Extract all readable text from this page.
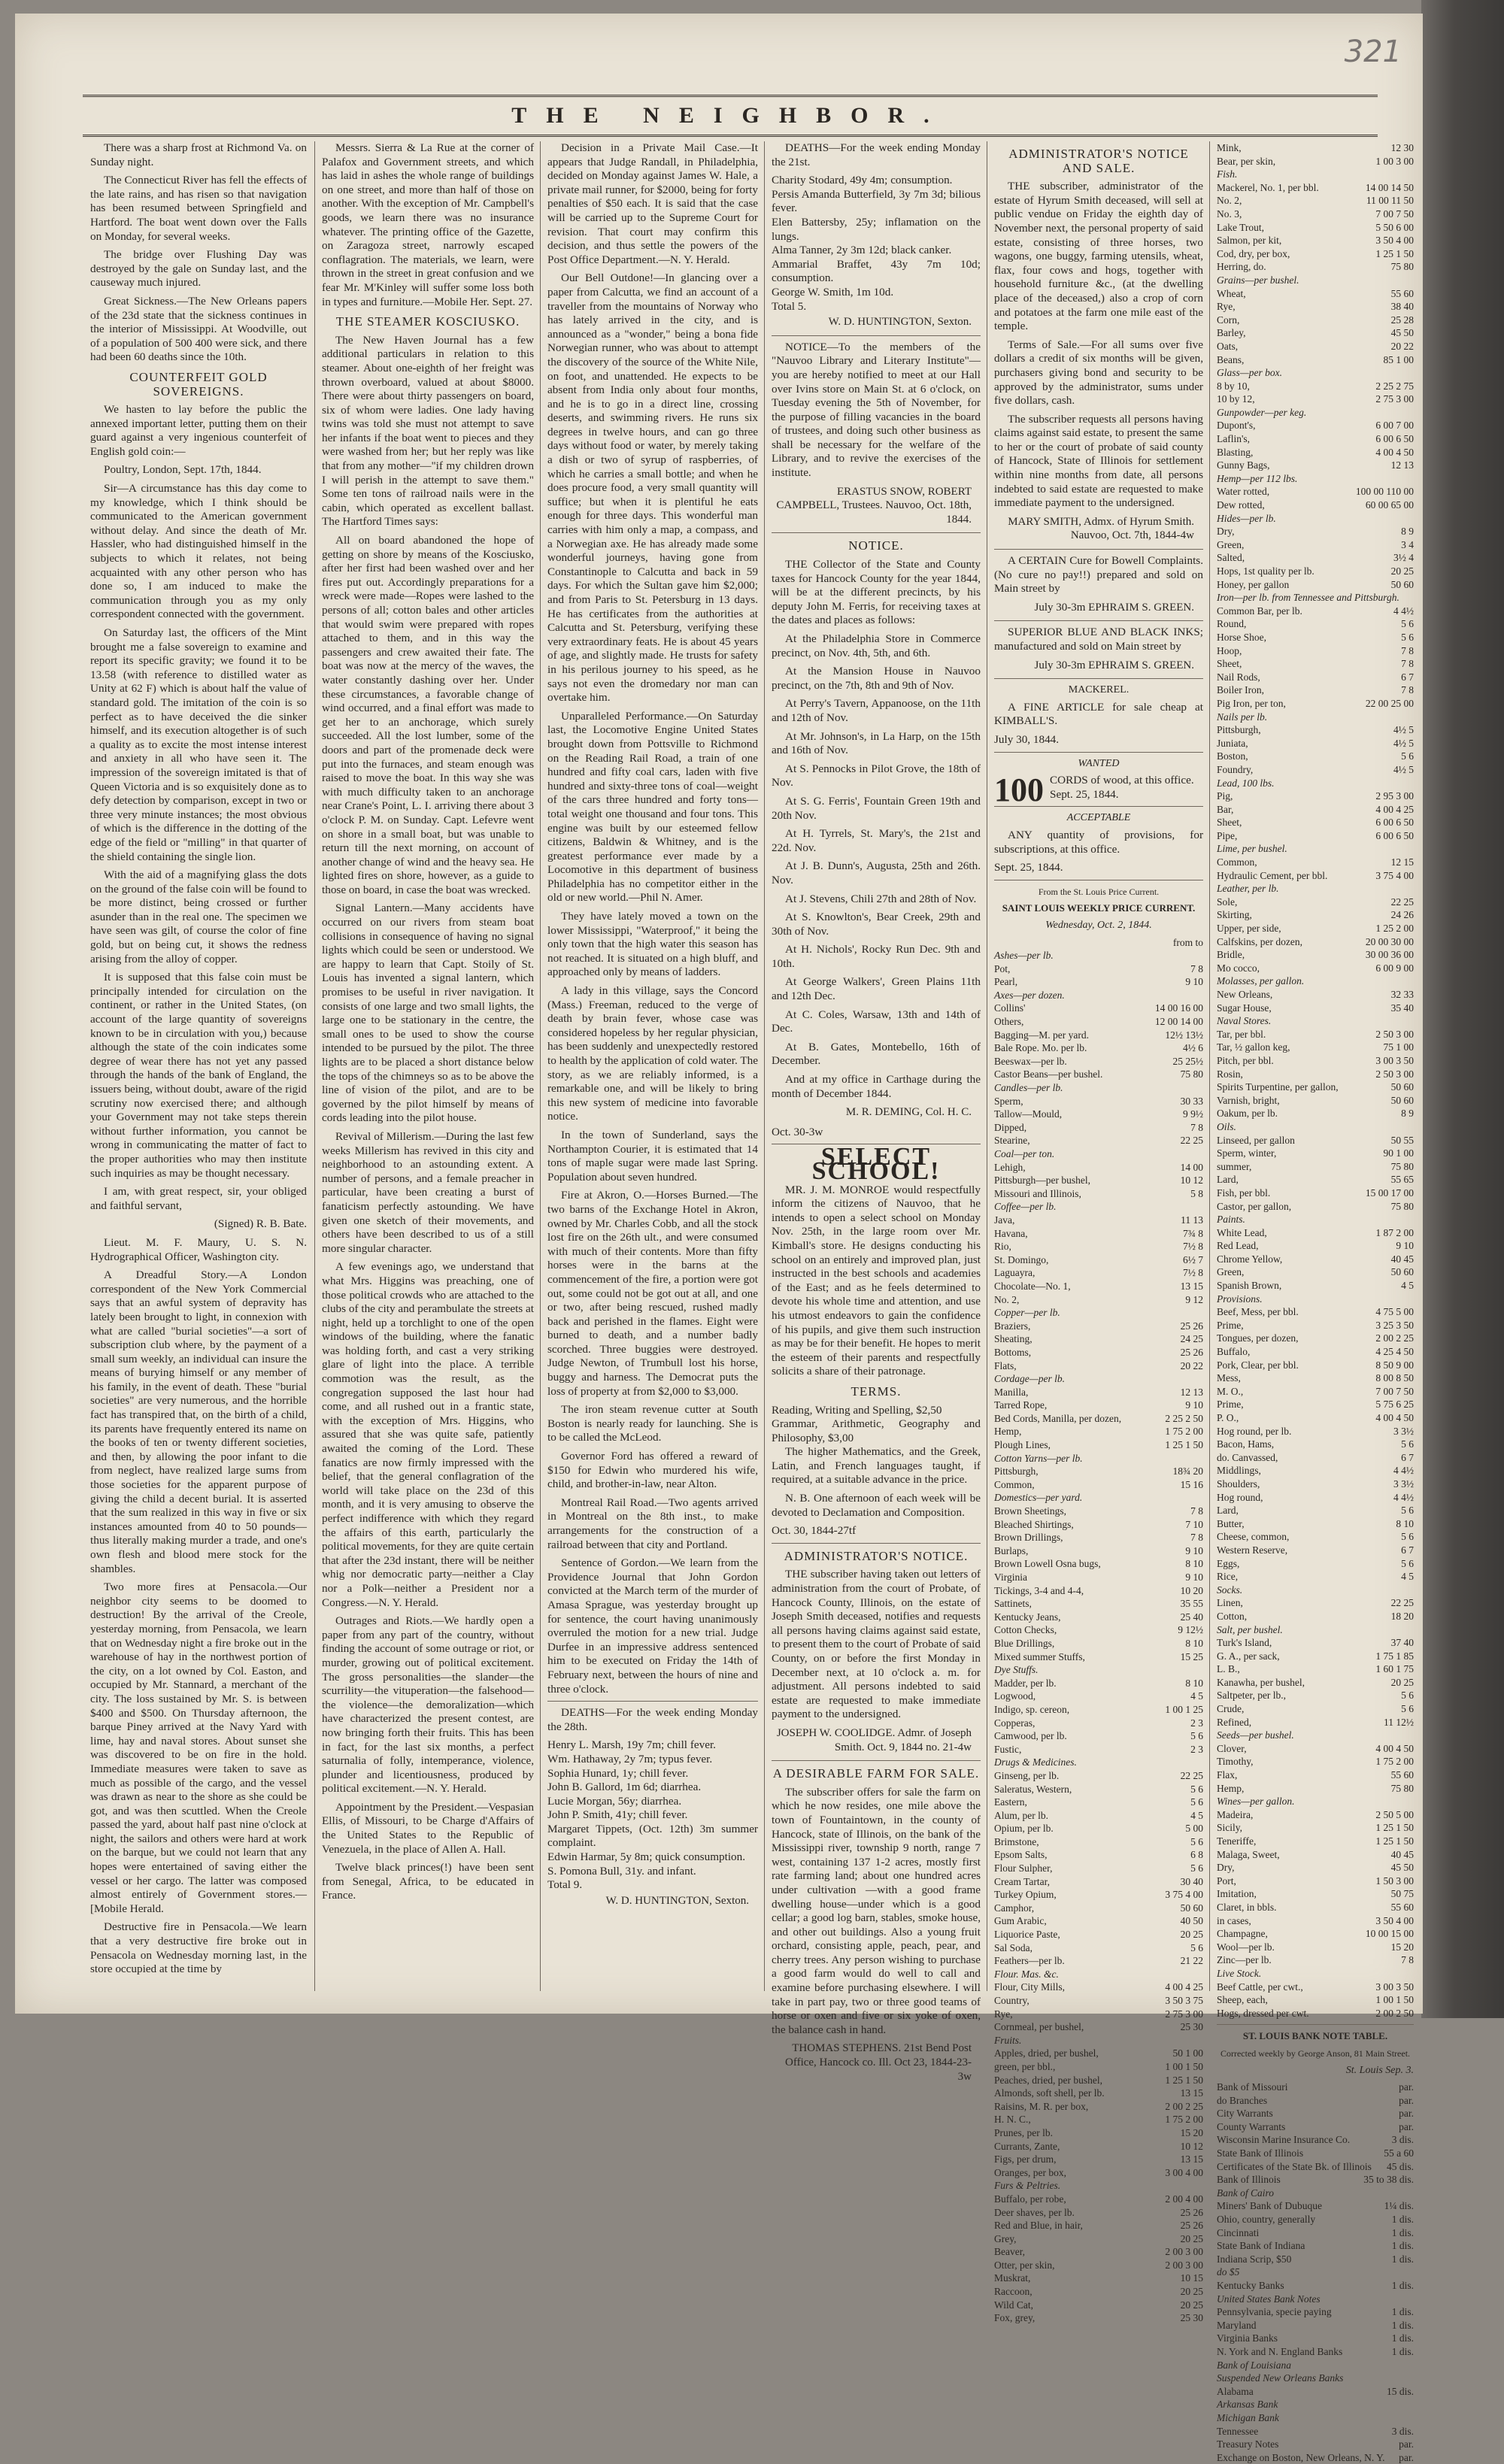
321
THE NEIGHBOR.

There was a sharp frost at Richmond Va. on Sunday night.

The Connecticut River has fell the effects of the late rains, and has risen so that navigation has been resumed between Springfield and Hartford. The boat went down over the Falls on Monday, for several weeks.

The bridge over Flushing Day was destroyed by the gale on Sunday last, and the causeway much injured.

Great Sickness.—The New Orleans papers of the 23d state that the sickness continues in the interior of Mississippi. At Woodville, out of a population of 500 400 were sick, and there had been 60 deaths since the 10th.

COUNTERFEIT GOLD SOVEREIGNS.

We hasten to lay before the public the annexed important letter, putting them on their guard against a very ingenious counterfeit of English gold coin:—

Poultry, London, Sept. 17th, 1844.

Sir—A circumstance has this day come to my knowledge, which I think should be communicated to the American government without delay. And since the death of Mr. Hassler, who had distinguished himself in the subjects to which it relates, not being acquainted with any other person who has done so, I am induced to make the communication through you as my only correspondent connected with the government.

On Saturday last, the officers of the Mint brought me a false sovereign to examine and report its specific gravity; we found it to be 13.58 (with reference to distilled water as Unity at 62 F) which is about half the value of standard gold. The imitation of the coin is so perfect as to have deceived the die sinker himself, and its execution altogether is of such a quality as to excite the most intense interest and anxiety in all who have seen it. The impression of the sovereign imitated is that of Queen Victoria and is so exquisitely done as to defy detection by comparison, except in two or three very minute instances; the most obvious of which is the difference in the dotting of the edge of the field or "milling" in that quarter of the shield containing the single lion.

With the aid of a magnifying glass the dots on the ground of the false coin will be found to be more distinct, being crossed or further asunder than in the real one. The specimen we have seen was gilt, of course the color of fine gold, but on being cut, it shows the redness arising from the alloy of copper.

It is supposed that this false coin must be principally intended for circulation on the continent, or rather in the United States, (on account of the large quantity of sovereigns known to be in circulation with you,) because although the state of the coin indicates some degree of wear there has not yet any passed through the hands of the bank of England, the issuers being, without doubt, aware of the rigid scrutiny now exercised there; and although your Government may not take steps therein without further information, you cannot be wrong in communicating the matter of fact to the proper authorities who may then institute such inquiries as may be thought necessary.

I am, with great respect, sir, your obliged and faithful servant,

(Signed) R. B. Bate.

Lieut. M. F. Maury, U. S. N. Hydrographical Officer, Washington city.

A Dreadful Story.—A London correspondent of the New York Commercial says that an awful system of depravity has lately been brought to light, in connexion with what are called "burial societies"—a sort of subscription club where, by the payment of a small sum weekly, an individual can insure the means of burying himself or any member of his family, in the event of death. These "burial societies" are very numerous, and the horrible fact has transpired that, on the birth of a child, its parents have frequently entered its name on the books of ten or twenty different societies, and then, by allowing the poor infant to die from neglect, have realized large sums from those societies for the apparent purpose of giving the child a decent burial. It is asserted that the sum realized in this way in five or six instances amounted from 40 to 50 pounds—thus literally making murder a trade, and one's own flesh and blood mere stock for the shambles.

Two more fires at Pensacola.—Our neighbor city seems to be doomed to destruction! By the arrival of the Creole, yesterday morning, from Pensacola, we learn that on Wednesday night a fire broke out in the warehouse of hay in the northwest portion of the city, on a lot owned by Col. Easton, and occupied by Mr. Stannard, a merchant of the city. The loss sustained by Mr. S. is between $400 and $500. On Thursday afternoon, the barque Piney arrived at the Navy Yard with lime, hay and naval stores. About sunset she was discovered to be on fire in the hold. Immediate measures were taken to save as much as possible of the cargo, and the vessel was drawn as near to the shore as she could be got, and was then scuttled. When the Creole passed the yard, about half past nine o'clock at night, the sailors and others were hard at work on the barque, but we could not learn that any hopes were entertained of saving either the vessel or her cargo. The latter was composed almost entirely of Government stores.—[Mobile Herald.

Destructive fire in Pensacola.—We learn that a very destructive fire broke out in Pensacola on Wednesday morning last, in the store occupied at the time by

Messrs. Sierra & La Rue at the corner of Palafox and Government streets, and which has laid in ashes the whole range of buildings on one street, and more than half of those on another. With the exception of Mr. Campbell's goods, we learn there was no insurance whatever. The printing office of the Gazette, on Zaragoza street, narrowly escaped conflagration. The materials, we learn, were thrown in the street in great confusion and we fear Mr. M'Kinley will suffer some loss both in types and furniture.—Mobile Her. Sept. 27.

THE STEAMER KOSCIUSKO.

The New Haven Journal has a few additional particulars in relation to this steamer. About one-eighth of her freight was thrown overboard, valued at about $8000. There were about thirty passengers on board, six of whom were ladies. One lady having twins was told she must not attempt to save her infants if the boat went to pieces and they were washed from her; but her reply was like that from any mother—"if my children drown I will perish in the attempt to save them." Some ten tons of railroad nails were in the cabin, which operated as excellent ballast. The Hartford Times says:

All on board abandoned the hope of getting on shore by means of the Kosciusko, after her first had been washed over and her fires put out. Accordingly preparations for a wreck were made—Ropes were lashed to the persons of all; cotton bales and other articles that would swim were prepared with ropes attached to them, and in this way the passengers and crew awaited their fate. The boat was now at the mercy of the waves, the water constantly dashing over her. Under these circumstances, a favorable change of wind occurred, and a final effort was made to get her to an anchorage, which surely succeeded. All the lost lumber, some of the doors and part of the promenade deck were put into the furnaces, and steam enough was raised to move the boat. In this way she was with much difficulty taken to an anchorage near Crane's Point, L. I. arriving there about 3 o'clock P. M. on Sunday. Capt. Lefevre went on shore in a small boat, but was unable to return till the next morning, on account of another change of wind and the heavy sea. He lighted fires on shore, however, as a guide to those on board, in case the boat was wrecked.

Signal Lantern.—Many accidents have occurred on our rivers from steam boat collisions in consequence of having no signal lights which could be seen or understood. We are happy to learn that Capt. Stoily of St. Louis has invented a signal lantern, which promises to be useful in river navigation. It consists of one large and two small lights, the large one to be stationary in the centre, the small ones to be used to show the course intended to be pursued by the pilot. The three lights are to be placed a short distance below the tops of the chimneys so as to be above the line of vision of the pilot, and are to be governed by the pilot himself by means of cords leading into the pilot house.

Revival of Millerism.—During the last few weeks Millerism has revived in this city and neighborhood to an astounding extent. A number of persons, and a female preacher in particular, have been creating a burst of fanaticism perfectly astounding. We have given one sketch of their movements, and others have been described to us of a still more singular character.

A few evenings ago, we understand that what Mrs. Higgins was preaching, one of those political crowds who are attached to the clubs of the city and perambulate the streets at night, held up a torchlight to one of the open windows of the building, where the fanatic was holding forth, and cast a very striking glare of light into the place. A terrible commotion was the result, as the congregation supposed the last hour had come, and all rushed out in a frantic state, with the exception of Mrs. Higgins, who assured that she was quite safe, patiently awaited the coming of the Lord. These fanatics are now firmly impressed with the belief, that the general conflagration of the world will take place on the 23d of this month, and it is very amusing to observe the perfect indifference with which they regard the affairs of this earth, particularly the political movements, for they are quite certain that after the 23d instant, there will be neither whig nor democratic party—neither a Clay nor a Polk—neither a President nor a Congress.—N. Y. Herald.

Outrages and Riots.—We hardly open a paper from any part of the country, without finding the account of some outrage or riot, or murder, growing out of political excitement. The gross personalities—the slander—the scurrility—the vituperation—the falsehood—the violence—the demoralization—which have characterized the present contest, are now bringing forth their fruits. This has been in fact, for the last six months, a perfect saturnalia of folly, intemperance, violence, plunder and licentiousness, produced by political excitement.—N. Y. Herald.

Appointment by the President.—Vespasian Ellis, of Missouri, to be Charge d'Affairs of the United States to the Republic of Venezuela, in the place of Allen A. Hall.

Twelve black princes(!) have been sent from Senegal, Africa, to be educated in France.

Decision in a Private Mail Case.—It appears that Judge Randall, in Philadelphia, decided on Monday against James W. Hale, a private mail runner, for $2000, being for forty penalties of $50 each. It is said that the case will be carried up to the Supreme Court for revision. That court may confirm this decision, and thus settle the powers of the Post Office Department.—N. Y. Herald.

Our Bell Outdone!—In glancing over a paper from Calcutta, we find an account of a traveller from the mountains of Norway who has lately arrived in the city, and is announced as a "wonder," being a bona fide Norwegian runner, who was about to attempt the discovery of the source of the White Nile, on foot, and unattended. He expects to be absent from India only about four months, and he is to go in a direct line, crossing deserts, and swimming rivers. He runs six degrees in twelve hours, and can go three days without food or water, by merely taking a dish or two of syrup of raspberries, of which he carries a small bottle; and when he does procure food, a very small quantity will suffice; but when it is plentiful he eats enough for three days. This wonderful man carries with him only a map, a compass, and a Norwegian axe. He has already made some wonderful journeys, having gone from Constantinople to Calcutta and back in 59 days. For which the Sultan gave him $2,000; and from Paris to St. Petersburg in 13 days. He has certificates from the authorities at Calcutta and St. Petersburg, verifying these very extraordinary feats. He is about 45 years of age, and slightly made. He trusts for safety in his perilous journey to his speed, as he says not even the dromedary nor man can overtake him.

Unparalleled Performance.—On Saturday last, the Locomotive Engine United States brought down from Pottsville to Richmond on the Reading Rail Road, a train of one hundred and fifty coal cars, laden with five hundred and sixty-three tons of coal—weight of the cars three hundred and forty tons—total weight one thousand and four tons. This engine was built by our esteemed fellow citizens, Baldwin & Whitney, and is the greatest performance ever made by a Locomotive in this department of business Philadelphia has no competitor either in the old or new world.—Phil N. Amer.

They have lately moved a town on the lower Mississippi, "Waterproof," it being the only town that the high water this season has not reached. It is situated on a high bluff, and approached only by means of ladders.

A lady in this village, says the Concord (Mass.) Freeman, reduced to the verge of death by brain fever, whose case was considered hopeless by her regular physician, has been suddenly and unexpectedly restored to health by the application of cold water. The story, as we are reliably informed, is a remarkable one, and will be likely to bring this new system of medicine into favorable notice.

In the town of Sunderland, says the Northampton Courier, it is estimated that 14 tons of maple sugar were made last Spring. Population about seven hundred.

Fire at Akron, O.—Horses Burned.—The two barns of the Exchange Hotel in Akron, owned by Mr. Charles Cobb, and all the stock lost fire on the 26th ult., and were consumed with much of their contents. More than fifty horses were in the barns at the commencement of the fire, a portion were got out, some could not be got out at all, and one or two, after being rescued, rushed madly back and perished in the flames. Eight were burned to death, and a number badly scorched. Three buggies were destroyed. Judge Newton, of Trumbull lost his horse, buggy and harness. The Democrat puts the loss of property at from $2,000 to $3,000.

The iron steam revenue cutter at South Boston is nearly ready for launching. She is to be called the McLeod.

Governor Ford has offered a reward of $150 for Edwin who murdered his wife, child, and brother-in-law, near Alton.

Montreal Rail Road.—Two agents arrived in Montreal on the 8th inst., to make arrangements for the construction of a railroad between that city and Portland.

Sentence of Gordon.—We learn from the Providence Journal that John Gordon convicted at the March term of the murder of Amasa Sprague, was yesterday brought up for sentence, the court having unanimously overruled the motion for a new trial. Judge Durfee in an impressive address sentenced him to be executed on Friday the 14th of February next, between the hours of nine and three o'clock.

DEATHS—For the week ending Monday the 28th.

Henry L. Marsh, 19y 7m; chill fever.
Wm. Hathaway, 2y 7m; typus fever.
Sophia Hunard, 1y; chill fever.
John B. Gallord, 1m 6d; diarrhea.
Lucie Morgan, 56y; diarrhea.
John P. Smith, 41y; chill fever.
Margaret Tippets, (Oct. 12th) 3m summer complaint.
Edwin Harmar, 5y 8m; quick consumption.
S. Pomona Bull, 31y. and infant.
Total 9.
W. D. HUNTINGTON, Sexton.

DEATHS—For the week ending Monday the 21st.

Charity Stodard, 49y 4m; consumption.
Persis Amanda Butterfield, 3y 7m 3d; bilious fever.
Elen Battersby, 25y; inflamation on the lungs.
Alma Tanner, 2y 3m 12d; black canker.
Ammarial Braffet, 43y 7m 10d; consumption.
George W. Smith, 1m 10d.
Total 5.
W. D. HUNTINGTON, Sexton.

NOTICE—To the members of the "Nauvoo Library and Literary Institute"—you are hereby notified to meet at our Hall over Ivins store on Main St. at 6 o'clock, on Tuesday evening the 5th of November, for the purpose of filling vacancies in the board of trustees, and doing such other business as shall be necessary for the welfare of the Library, and to revive the exercises of the institute.

ERASTUS SNOW, ROBERT CAMPBELL, Trustees. Nauvoo, Oct. 18th, 1844.
NOTICE.

THE Collector of the State and County taxes for Hancock County for the year 1844, will be at the different precincts, by his deputy John M. Ferris, for receiving taxes at the dates and places as follows:

At the Philadelphia Store in Commerce precinct, on Nov. 4th, 5th, and 6th.

At the Mansion House in Nauvoo precinct, on the 7th, 8th and 9th of Nov.

At Perry's Tavern, Appanoose, on the 11th and 12th of Nov.

At Mr. Johnson's, in La Harp, on the 15th and 16th of Nov.

At S. Pennocks in Pilot Grove, the 18th of Nov.

At S. G. Ferris', Fountain Green 19th and 20th Nov.

At H. Tyrrels, St. Mary's, the 21st and 22d. Nov.

At J. B. Dunn's, Augusta, 25th and 26th. Nov.

At J. Stevens, Chili 27th and 28th of Nov.

At S. Knowlton's, Bear Creek, 29th and 30th of Nov.

At H. Nichols', Rocky Run Dec. 9th and 10th.

At George Walkers', Green Plains 11th and 12th Dec.

At C. Coles, Warsaw, 13th and 14th of Dec.

At B. Gates, Montebello, 16th of December.

And at my office in Carthage during the month of December 1844.

M. R. DEMING, Col. H. C.
Oct. 30-3w
SELECT SCHOOL!

MR. J. M. MONROE would respectfully inform the citizens of Nauvoo, that he intends to open a select school on Monday Nov. 25th, in the large room over Mr. Kimball's store. He designs conducting his school on an entirely and improved plan, just instructed in the best schools and academies of the East; and as he feels determined to devote his whole time and attention, and use his utmost endeavors to gain the confidence of his pupils, and give them such instruction as may be for their benefit. He hopes to merit the esteem of their parents and respectfully solicits a share of their patronage.

TERMS.
Reading, Writing and Spelling, $2,50
Grammar, Arithmetic, Geography and Philosophy, $3,00

The higher Mathematics, and the Greek, Latin, and French languages taught, if required, at a suitable advance in the price.

N. B. One afternoon of each week will be devoted to Declamation and Composition.

Oct. 30, 1844-27tf
ADMINISTRATOR'S NOTICE.

THE subscriber having taken out letters of administration from the court of Probate, of Hancock County, Illinois, on the estate of Joseph Smith deceased, notifies and requests all persons having claims against said estate, to present them to the court of Probate of said County, on or before the first Monday in December next, at 10 o'clock a. m. for adjustment. All persons indebted to said estate are requested to make immediate payment to the undersigned.

JOSEPH W. COOLIDGE. Admr. of Joseph Smith. Oct. 9, 1844 no. 21-4w
A DESIRABLE FARM FOR SALE.

The subscriber offers for sale the farm on which he now resides, one mile above the town of Fountaintown, in the county of Hancock, state of Illinois, on the bank of the Mississippi river, township 9 north, range 7 west, containing 137 1-2 acres, mostly first rate farming land; about one hundred acres under cultivation —with a good frame dwelling house—under which is a good cellar; a good log barn, stables, smoke house, and other out buildings. Also a young fruit orchard, consisting apple, peach, pear, and cherry trees. Any person wishing to purchase a good farm would do well to call and examine before purchasing elsewhere. I will take in part pay, two or three good teams of horse or oxen and five or six yoke of oxen, the balance cash in hand.

THOMAS STEPHENS. 21st Bend Post Office, Hancock co. Ill. Oct 23, 1844-23-3w
ADMINISTRATOR'S NOTICE AND SALE.

THE subscriber, administrator of the estate of Hyrum Smith deceased, will sell at public vendue on Friday the eighth day of November next, the personal property of said estate, consisting of three horses, two wagons, one buggy, farming utensils, wheat, flax, four cows and hogs, together with household furniture &c., (at the dwelling place of the deceased,) also a crop of corn and potatoes at the farm one mile east of the temple.

Terms of Sale.—For all sums over five dollars a credit of six months will be given, purchasers giving bond and security to be approved by the administrator, sums under five dollars, cash.

The subscriber requests all persons having claims against said estate, to present the same to her or the court of probate of said county of Hancock, State of Illinois for settlement within nine months from date, all persons indebted to said estate are requested to make immediate payment to the undersigned.

MARY SMITH, Admx. of Hyrum Smith. Nauvoo, Oct. 7th, 1844-4w

A CERTAIN Cure for Bowell Complaints. (No cure no pay!!) prepared and sold on Main street by

July 30-3m EPHRAIM S. GREEN.

SUPERIOR BLUE AND BLACK INKS; manufactured and sold on Main street by

July 30-3m EPHRAIM S. GREEN.
MACKEREL.

A FINE ARTICLE for sale cheap at KIMBALL'S.

July 30, 1844.
WANTED
100 CORDS of wood, at this office.
Sept. 25, 1844.
ACCEPTABLE

ANY quantity of provisions, for subscriptions, at this office.

Sept. 25, 1844.
From the St. Louis Price Current.
SAINT LOUIS WEEKLY PRICE CURRENT.
Wednesday, Oct. 2, 1844.
from to
Ashes—per lb.
Pot,	7 8
Pearl,	9 10
Axes—per dozen.
Collins'	14 00 16 00
Others,	12 00 14 00
Bagging—M. per yard.	12½ 13½
Bale Rope. Mo. per lb.	4½ 6
Beeswax—per lb.	25 25½
Castor Beans—per bushel.	75 80
Candles—per lb.
Sperm,	30 33
Tallow—Mould,	9 9½
Dipped,	7 8
Stearine,	22 25
Coal—per ton.
Lehigh,	14 00
Pittsburgh—per bushel,	10 12
Missouri and Illinois,	5 8
Coffee—per lb.
Java,	11 13
Havana,	7¾ 8
Rio,	7½ 8
St. Domingo,	6½ 7
Laguayra,	7½ 8
Chocolate—No. 1,	13 15
No. 2,	9 12
Copper—per lb.
Braziers,	25 26
Sheating,	24 25
Bottoms,	25 26
Flats,	20 22
Cordage—per lb.
Manilla,	12 13
Tarred Rope,	9 10
Bed Cords, Manilla, per dozen,	2 25 2 50
Hemp,	1 75 2 00
Plough Lines,	1 25 1 50
Cotton Yarns—per lb.
Pittsburgh,	18¾ 20
Common,	15 16
Domestics—per yard.
Brown Sheetings,	7 8
Bleached Shirtings,	7 10
Brown Drillings,	7 8
Burlaps,	9 10
Brown Lowell Osna bugs,	8 10
Virginia	9 10
Tickings, 3-4 and 4-4,	10 20
Sattinets,	35 55
Kentucky Jeans,	25 40
Cotton Checks,	9 12½
Blue Drillings,	8 10
Mixed summer Stuffs,	15 25
Dye Stuffs.
Madder, per lb.	8 10
Logwood,	4 5
Indigo, sp. cereon,	1 00 1 25
Copperas,	2 3
Camwood, per lb.	5 6
Fustic,	2 3
Drugs & Medicines.
Ginseng, per lb.	22 25
Saleratus, Western,	5 6
Eastern,	5 6
Alum, per lb.	4 5
Opium, per lb.	5 00
Brimstone,	5 6
Epsom Salts,	6 8
Flour Sulpher,	5 6
Cream Tartar,	30 40
Turkey Opium,	3 75 4 00
Camphor,	50 60
Gum Arabic,	40 50
Liquorice Paste,	20 25
Sal Soda,	5 6
Feathers—per lb.	21 22
Flour. Mas. &c.
Flour, City Mills,	4 00 4 25
Country,	3 50 3 75
Rye,	2 75 3 00
Cornmeal, per bushel,	25 30
Fruits.
Apples, dried, per bushel,	50 1 00
green, per bbl.,	1 00 1 50
Peaches, dried, per bushel,	1 25 1 50
Almonds, soft shell, per lb.	13 15
Raisins, M. R. per box,	2 00 2 25
H. N. C.,	1 75 2 00
Prunes, per lb.	15 20
Currants, Zante,	10 12
Figs, per drum,	13 15
Oranges, per box,	3 00 4 00
Furs & Peltries.
Buffalo, per robe,	2 00 4 00
Deer shaves, per lb.	25 26
Red and Blue, in hair,	25 26
Grey,	20 25
Beaver,	2 00 3 00
Otter, per skin,	2 00 3 00
Muskrat,	10 15
Raccoon,	20 25
Wild Cat,	20 25
Fox, grey,	25 30
Mink,	12 30
Bear, per skin,	1 00 3 00
Fish.
Mackerel, No. 1, per bbl.	14 00 14 50
No. 2,	11 00 11 50
No. 3,	7 00 7 50
Lake Trout,	5 50 6 00
Salmon, per kit,	3 50 4 00
Cod, dry, per box,	1 25 1 50
Herring, do.	75 80
Grains—per bushel.
Wheat,	55 60
Rye,	38 40
Corn,	25 28
Barley,	45 50
Oats,	20 22
Beans,	85 1 00
Glass—per box.
8 by 10,	2 25 2 75
10 by 12,	2 75 3 00
Gunpowder—per keg.
Dupont's,	6 00 7 00
Laflin's,	6 00 6 50
Blasting,	4 00 4 50
Gunny Bags,	12 13
Hemp—per 112 lbs.
Water rotted,	100 00 110 00
Dew rotted,	60 00 65 00
Hides—per lb.
Dry,	8 9
Green,	3 4
Salted,	3½ 4
Hops, 1st quality per lb.	20 25
Honey, per gallon	50 60
Iron—per lb. from Tennessee and Pittsburgh.
Common Bar, per lb.	4 4½
Round,	5 6
Horse Shoe,	5 6
Hoop,	7 8
Sheet,	7 8
Nail Rods,	6 7
Boiler Iron,	7 8
Pig Iron, per ton,	22 00 25 00
Nails per lb.
Pittsburgh,	4½ 5
Juniata,	4½ 5
Boston,	5 6
Foundry,	4½ 5
Lead, 100 lbs.
Pig,	2 95 3 00
Bar,	4 00 4 25
Sheet,	6 00 6 50
Pipe,	6 00 6 50
Lime, per bushel.
Common,	12 15
Hydraulic Cement, per bbl.	3 75 4 00
Leather, per lb.
Sole,	22 25
Skirting,	24 26
Upper, per side,	1 25 2 00
Calfskins, per dozen,	20 00 30 00
Bridle,	30 00 36 00
Mo cocco,	6 00 9 00
Molasses, per gallon.
New Orleans,	32 33
Sugar House,	35 40
Naval Stores.
Tar, per bbl.	2 50 3 00
Tar, ½ gallon keg,	75 1 00
Pitch, per bbl.	3 00 3 50
Rosin,	2 50 3 00
Spirits Turpentine, per gallon,	50 60
Varnish, bright,	50 60
Oakum, per lb.	8 9
Oils.
Linseed, per gallon	50 55
Sperm, winter,	90 1 00
summer,	75 80
Lard,	55 65
Fish, per bbl.	15 00 17 00
Castor, per gallon,	75 80
Paints.
White Lead,	1 87 2 00
Red Lead,	9 10
Chrome Yellow,	40 45
Green,	50 60
Spanish Brown,	4 5
Provisions.
Beef, Mess, per bbl.	4 75 5 00
Prime,	3 25 3 50
Tongues, per dozen,	2 00 2 25
Buffalo,	4 25 4 50
Pork, Clear, per bbl.	8 50 9 00
Mess,	8 00 8 50
M. O.,	7 00 7 50
Prime,	5 75 6 25
P. O.,	4 00 4 50
Hog round, per lb.	3 3½
Bacon, Hams,	5 6
do. Canvassed,	6 7
Middlings,	4 4½
Shoulders,	3 3½
Hog round,	4 4½
Lard,	5 6
Butter,	8 10
Cheese, common,	5 6
Western Reserve,	6 7
Eggs,	5 6
Rice,	4 5
Socks.
Linen,	22 25
Cotton,	18 20
Salt, per bushel.
Turk's Island,	37 40
G. A., per sack,	1 75 1 85
L. B.,	1 60 1 75
Kanawha, per bushel,	20 25
Saltpeter, per lb.,	5 6
Crude,	5 6
Refined,	11 12½
Seeds—per bushel.
Clover,	4 00 4 50
Timothy,	1 75 2 00
Flax,	55 60
Hemp,	75 80
Wines—per gallon.
Madeira,	2 50 5 00
Sicily,	1 25 1 50
Teneriffe,	1 25 1 50
Malaga, Sweet,	40 45
Dry,	45 50
Port,	1 50 3 00
Imitation,	50 75
Claret, in bbls.	55 60
in cases,	3 50 4 00
Champagne,	10 00 15 00
Wool—per lb.	15 20
Zinc—per lb.	7 8
Live Stock.
Beef Cattle, per cwt.,	3 00 3 50
Sheep, each,	1 00 1 50
Hogs, dressed per cwt.	2 00 2 50
ST. LOUIS BANK NOTE TABLE.
Corrected weekly by George Anson, 81 Main Street.
St. Louis Sep. 3.
Bank of Missouri	par.
do Branches	par.
City Warrants	par.
County Warrants	par.
Wisconsin Marine Insurance Co.	3 dis.
State Bank of Illinois	55 a 60
Certificates of the State Bk. of Illinois	45 dis.
Bank of Illinois	35 to 38 dis.
Bank of Cairo
Miners' Bank of Dubuque	1¼ dis.
Ohio, country, generally	1 dis.
Cincinnati	1 dis.
State Bank of Indiana	1 dis.
Indiana Scrip, $50	1 dis.
do $5
Kentucky Banks	1 dis.
United States Bank Notes
Pennsylvania, specie paying	1 dis.
Maryland	1 dis.
Virginia Banks	1 dis.
N. York and N. England Banks	1 dis.
Bank of Louisiana
Suspended New Orleans Banks
Alabama	15 dis.
Arkansas Bank
Michigan Bank
Tennessee	3 dis.
Treasury Notes	par.
Exchange on Boston, New Orleans, N. Y.	par.
